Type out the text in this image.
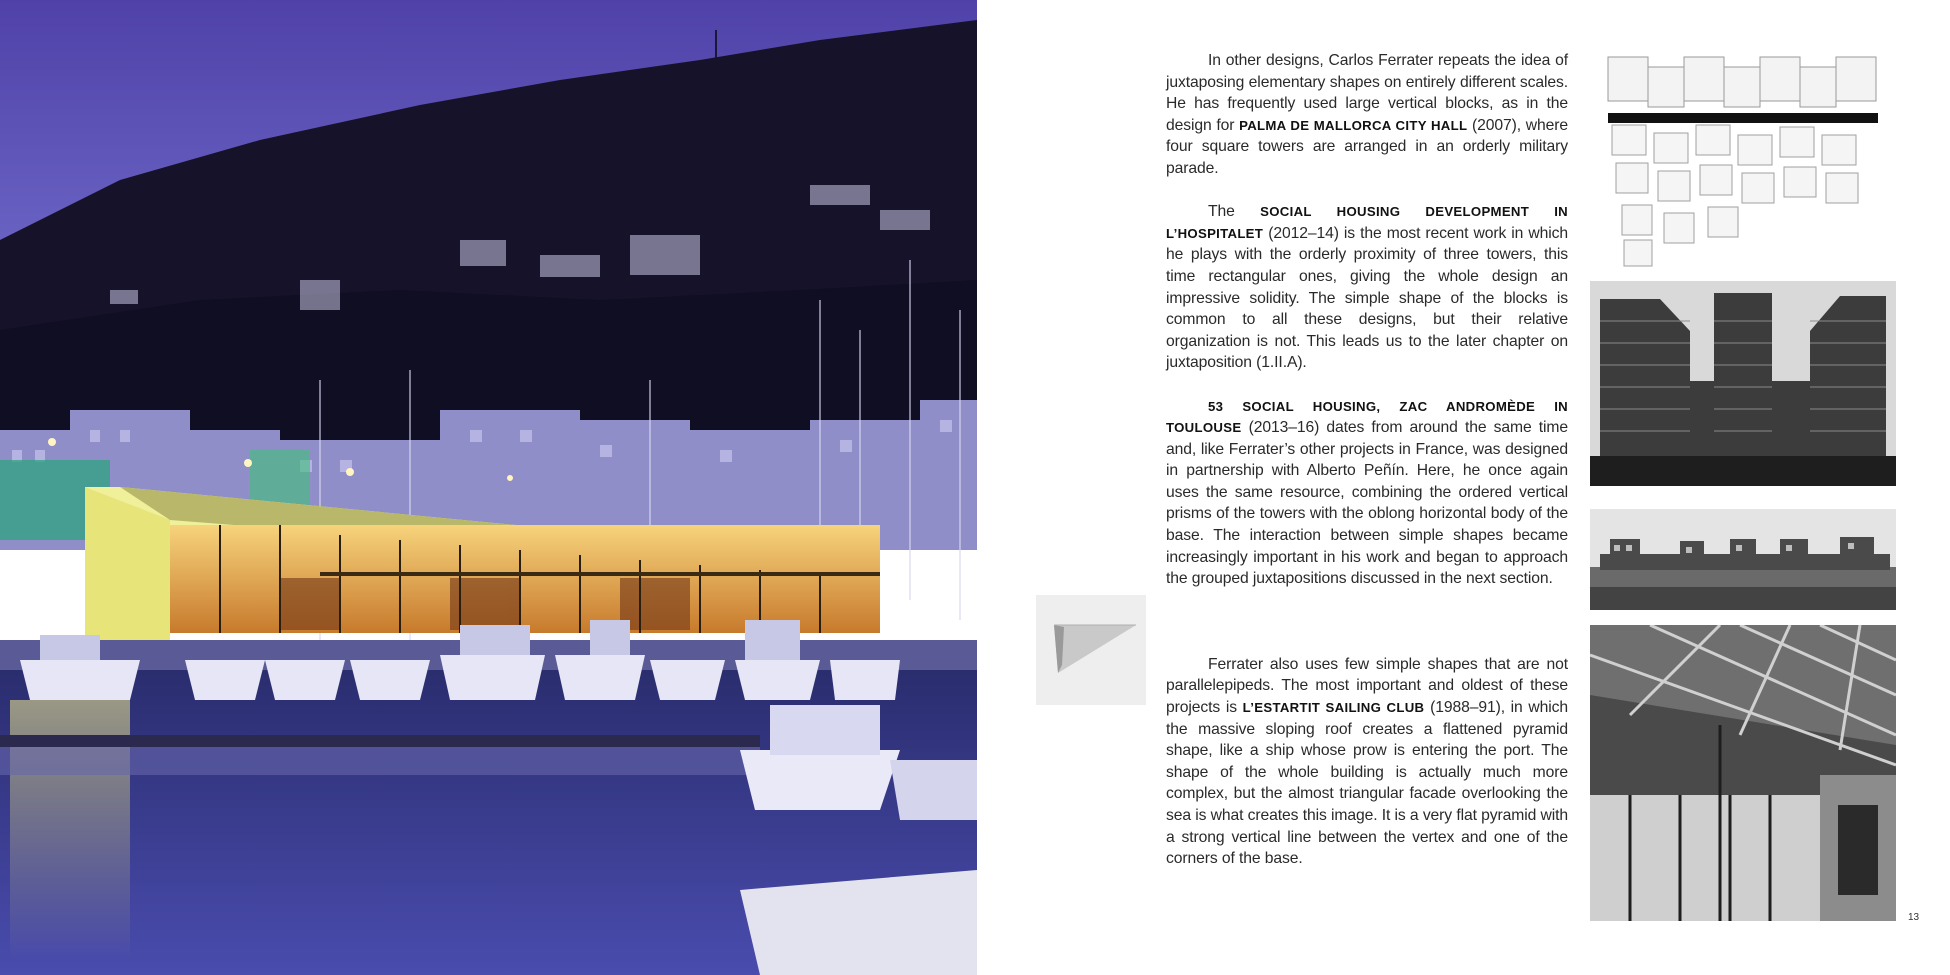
In other designs, Carlos Ferrater repeats the idea of juxtaposing elementary shapes on entirely different scales. He has frequently used large vertical blocks, as in the design for PALMA DE MALLORCA CITY HALL (2007), where four square towers are arranged in an orderly military parade.

The SOCIAL HOUSING DEVELOPMENT IN L’HOSPITALET (2012–14) is the most recent work in which he plays with the orderly proximity of three towers, this time rectangular ones, giving the whole design an impressive solidity. The simple shape of the blocks is common to all these designs, but their relative organization is not. This leads us to the later chapter on juxtaposition (1.II.A).

53 SOCIAL HOUSING, ZAC ANDROMÈDE IN TOULOUSE (2013–16) dates from around the same time and, like Ferrater’s other projects in France, was designed in partnership with Alberto Peñín. Here, he once again uses the same resource, combining the ordered vertical prisms of the towers with the oblong horizontal body of the base. The interaction between simple shapes became increasingly important in his work and began to approach the grouped juxtapositions discussed in the next section.

Ferrater also uses few simple shapes that are not parallelepipeds. The most important and oldest of these projects is L’ESTARTIT SAILING CLUB (1988–91), in which the massive sloping roof creates a flattened pyramid shape, like a ship whose prow is entering the port. The shape of the whole building is actually much more complex, but the almost triangular facade overlooking the sea is what creates this image. It is a very flat pyramid with a strong vertical line between the vertex and one of the corners of the base.

13
